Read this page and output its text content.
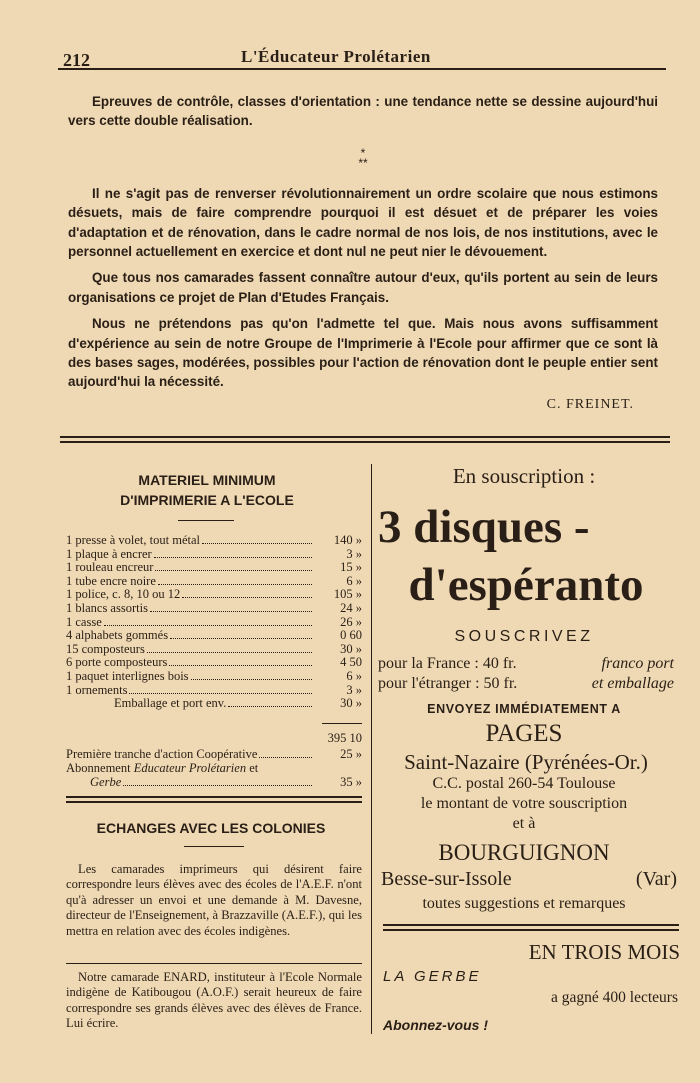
212	L'Éducateur Prolétarien

Epreuves de contrôle, classes d'orientation : une tendance nette se dessine aujourd'hui vers cette double réalisation.

*
**

Il ne s'agit pas de renverser révolutionnairement un ordre scolaire que nous estimons désuets, mais de faire comprendre pourquoi il est désuet et de préparer les voies d'adaptation et de rénovation, dans le cadre normal de nos lois, de nos institutions, avec le personnel actuellement en exercice et dont nul ne peut nier le dévouement.

Que tous nos camarades fassent connaître autour d'eux, qu'ils portent au sein de leurs organisations ce projet de Plan d'Etudes Français.

Nous ne prétendons pas qu'on l'admette tel que. Mais nous avons suffisamment d'expérience au sein de notre Groupe de l'Imprimerie à l'Ecole pour affirmer que ce sont là des bases sages, modérées, possibles pour l'action de rénovation dont le peuple entier sent aujourd'hui la nécessité.

C. FREINET.
MATERIEL MINIMUM
D'IMPRIMERIE A L'ECOLE
1 presse à volet, tout métal	140 »
1 plaque à encrer	3 »
1 rouleau encreur	15 »
1 tube encre noire	6 »
1 police, c. 8, 10 ou 12	105 »
1 blancs assortis	24 »
1 casse	26 »
4 alphabets gommés	0 60
15 composteurs	30 »
6 porte composteurs	4 50
1 paquet interlignes bois	6 »
1 ornements	3 »
Emballage et port env.	30 »
395 10
Première tranche d'action Coopérative	25 »
Abonnement Educateur Prolétarien et
Gerbe	35 »
ECHANGES AVEC LES COLONIES

Les camarades imprimeurs qui désirent faire correspondre leurs élèves avec des écoles de l'A.E.F. n'ont qu'à adresser un envoi et une demande à M. Davesne, directeur de l'Enseignement, à Brazzaville (A.E.F.), qui les mettra en relation avec des écoles indigènes.

Notre camarade ENARD, instituteur à l'Ecole Normale indigène de Katibougou (A.O.F.) serait heureux de faire correspondre ses grands élèves avec des élèves de France. Lui écrire.

En souscription :
3 disques -
d'espéranto
SOUSCRIVEZ
pour la France : 40 fr.	franco port
pour l'étranger : 50 fr.	et emballage
ENVOYEZ IMMÉDIATEMENT A
PAGES
Saint-Nazaire (Pyrénées-Or.)
C.C. postal 260-54 Toulouse
le montant de votre souscription
et à
BOURGUIGNON
Besse-sur-Issole	(Var)
toutes suggestions et remarques
EN TROIS MOIS
LA GERBE
a gagné 400 lecteurs
Abonnez-vous !
